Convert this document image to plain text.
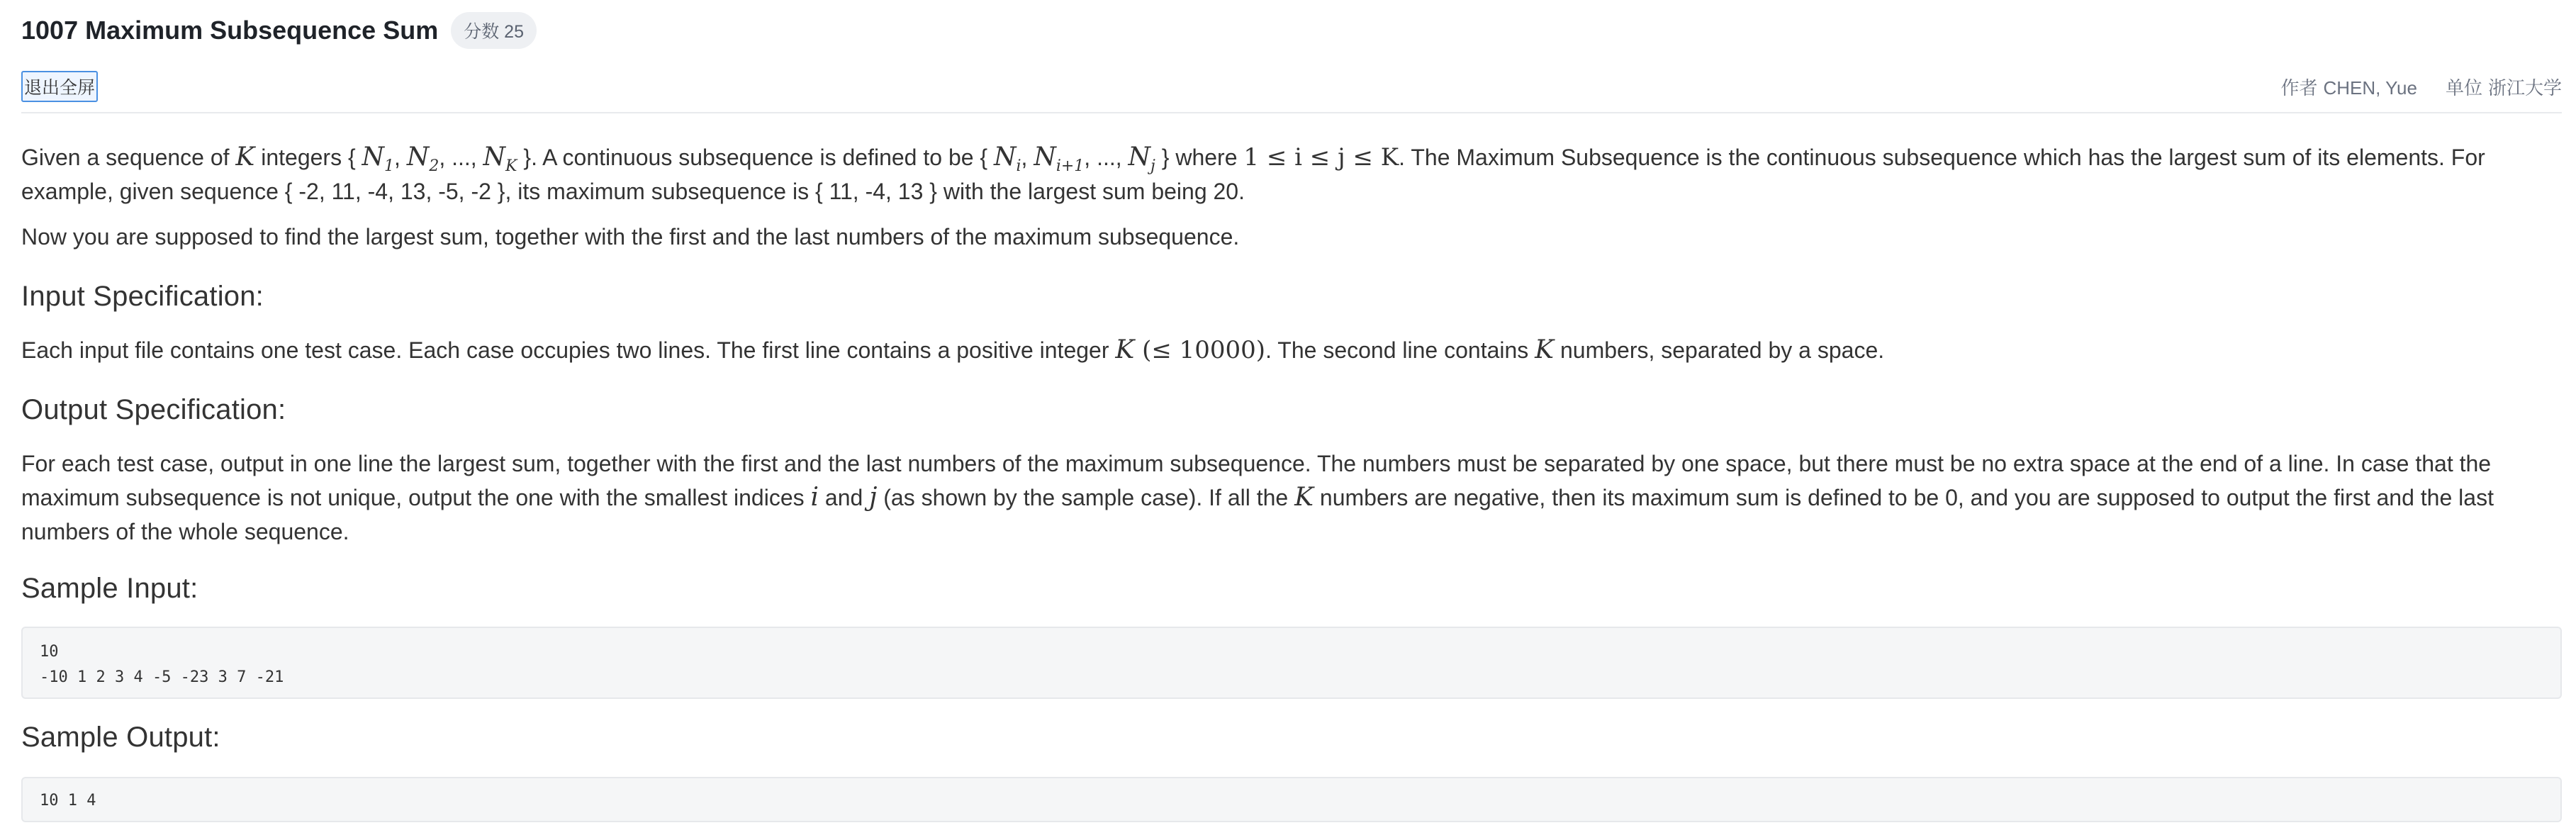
1007 Maximum Subsequence Sum	分数 25
退出全屏	作者 CHEN, Yue 单位 浙江大学

Given a sequence of K integers { $N_1$, $N_2$, ..., $N_K$ }. A continuous subsequence is defined to be { $N_i$, $N_{i+1}$, ..., $N_j$ } where 1 ≤ i ≤ j ≤ K. The Maximum Subsequence is the continuous subsequence which has the largest sum of its elements. For example, given sequence { -2, 11, -4, 13, -5, -2 }, its maximum subsequence is { 11, -4, 13 } with the largest sum being 20.

Now you are supposed to find the largest sum, together with the first and the last numbers of the maximum subsequence.

Input Specification:

Each input file contains one test case. Each case occupies two lines. The first line contains a positive integer K (≤ 10000). The second line contains K numbers, separated by a space.

Output Specification:

For each test case, output in one line the largest sum, together with the first and the last numbers of the maximum subsequence. The numbers must be separated by one space, but there must be no extra space at the end of a line. In case that the maximum subsequence is not unique, output the one with the smallest indices i and j (as shown by the sample case). If all the K numbers are negative, then its maximum sum is defined to be 0, and you are supposed to output the first and the last numbers of the whole sequence.

Sample Input:
10
-10 1 2 3 4 -5 -23 3 7 -21
Sample Output:
10 1 4
